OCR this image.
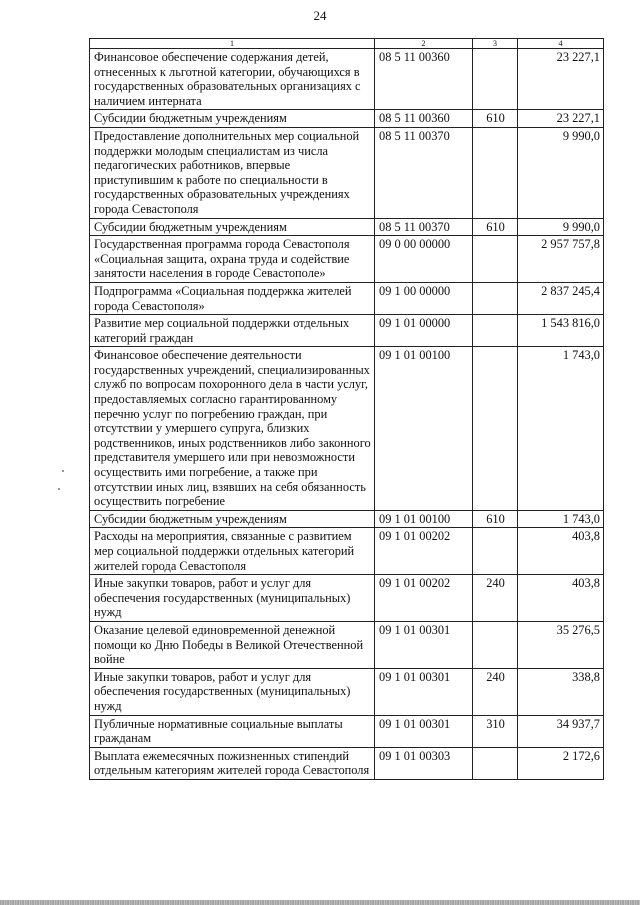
24
1	2	3	4
Финансовое обеспечение содержания детей, отнесенных к льготной категории, обучающихся в государственных образовательных организациях с наличием интерната	08 5 11 00360		23 227,1
Субсидии бюджетным учреждениям	08 5 11 00360	610	23 227,1
Предоставление дополнительных мер социальной поддержки молодым специалистам из числа педагогических работников, впервые приступившим к работе по специальности в государственных образовательных учреждениях города Севастополя	08 5 11 00370		9 990,0
Субсидии бюджетным учреждениям	08 5 11 00370	610	9 990,0
Государственная программа города Севастополя «Социальная защита, охрана труда и содействие занятости населения в городе Севастополе»	09 0 00 00000		2 957 757,8
Подпрограмма «Социальная поддержка жителей города Севастополя»	09 1 00 00000		2 837 245,4
Развитие мер социальной поддержки отдельных категорий граждан	09 1 01 00000		1 543 816,0
Финансовое обеспечение деятельности государственных учреждений, специализированных служб по вопросам похоронного дела в части услуг, предоставляемых согласно гарантированному перечню услуг по погребению граждан, при отсутствии у умершего супруга, близких родственников, иных родственников либо законного представителя умершего или при невозможности осуществить ими погребение, а также при отсутствии иных лиц, взявших на себя обязанность осуществить погребение	09 1 01 00100		1 743,0
Субсидии бюджетным учреждениям	09 1 01 00100	610	1 743,0
Расходы на мероприятия, связанные с развитием мер социальной поддержки отдельных категорий жителей города Севастополя	09 1 01 00202		403,8
Иные закупки товаров, работ и услуг для обеспечения государственных (муниципальных) нужд	09 1 01 00202	240	403,8
Оказание целевой единовременной денежной помощи ко Дню Победы в Великой Отечественной войне	09 1 01 00301		35 276,5
Иные закупки товаров, работ и услуг для обеспечения государственных (муниципальных) нужд	09 1 01 00301	240	338,8
Публичные нормативные социальные выплаты гражданам	09 1 01 00301	310	34 937,7
Выплата ежемесячных пожизненных стипендий отдельным категориям жителей города Севастополя	09 1 01 00303		2 172,6
